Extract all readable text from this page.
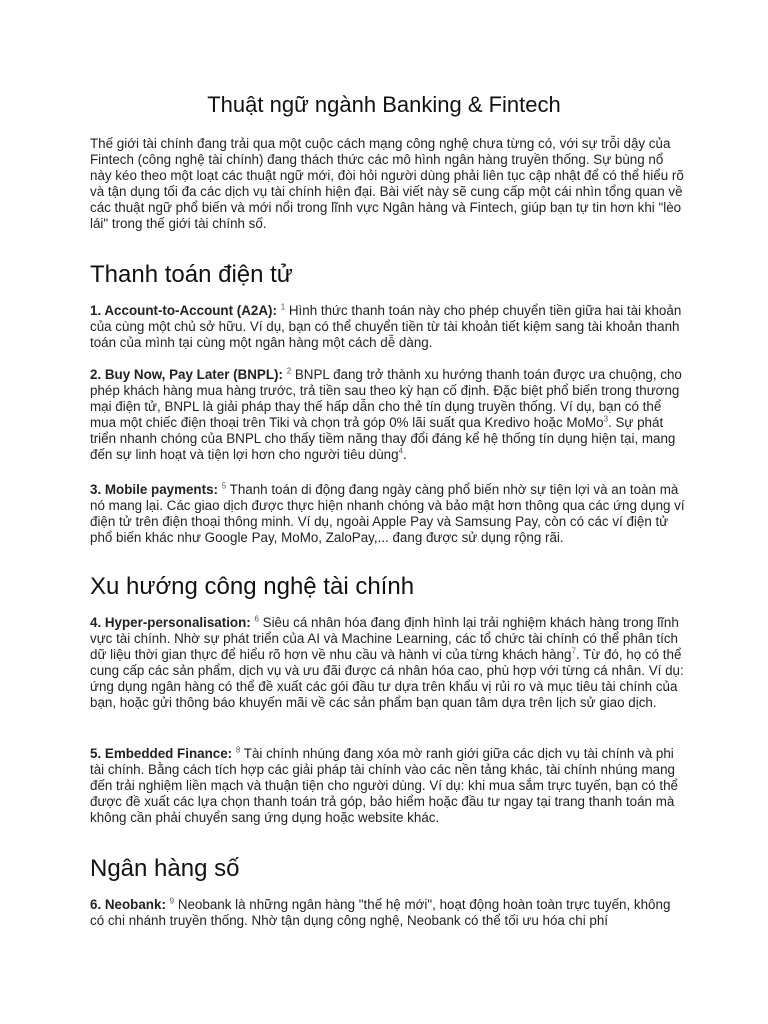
Thuật ngữ ngành Banking & Fintech

Thế giới tài chính đang trải qua một cuộc cách mạng công nghệ chưa từng có, với sự trỗi dậy của Fintech (công nghệ tài chính) đang thách thức các mô hình ngân hàng truyền thống. Sự bùng nổ này kéo theo một loạt các thuật ngữ mới, đòi hỏi người dùng phải liên tục cập nhật để có thể hiểu rõ và tận dụng tối đa các dịch vụ tài chính hiện đại. Bài viết này sẽ cung cấp một cái nhìn tổng quan về các thuật ngữ phổ biến và mới nổi trong lĩnh vực Ngân hàng và Fintech, giúp bạn tự tin hơn khi "lèo lái" trong thế giới tài chính số.

Thanh toán điện tử

1. Account-to-Account (A2A): $^1$ Hình thức thanh toán này cho phép chuyển tiền giữa hai tài khoản của cùng một chủ sở hữu. Ví dụ, bạn có thể chuyển tiền từ tài khoản tiết kiệm sang tài khoản thanh toán của mình tại cùng một ngân hàng một cách dễ dàng.

2. Buy Now, Pay Later (BNPL): $^2$ BNPL đang trở thành xu hướng thanh toán được ưa chuộng, cho phép khách hàng mua hàng trước, trả tiền sau theo kỳ hạn cố định. Đặc biệt phổ biến trong thương mại điện tử, BNPL là giải pháp thay thế hấp dẫn cho thẻ tín dụng truyền thống. Ví dụ, bạn có thể mua một chiếc điện thoại trên Tiki và chọn trả góp 0% lãi suất qua Kredivo hoặc MoMo$^3$. Sự phát triển nhanh chóng của BNPL cho thấy tiềm năng thay đổi đáng kể hệ thống tín dụng hiện tại, mang đến sự linh hoạt và tiện lợi hơn cho người tiêu dùng$^4$.

3. Mobile payments: $^5$ Thanh toán di động đang ngày càng phổ biến nhờ sự tiện lợi và an toàn mà nó mang lại. Các giao dịch được thực hiện nhanh chóng và bảo mật hơn thông qua các ứng dụng ví điện tử trên điện thoại thông minh. Ví dụ, ngoài Apple Pay và Samsung Pay, còn có các ví điện tử phổ biến khác như Google Pay, MoMo, ZaloPay,... đang được sử dụng rộng rãi.

Xu hướng công nghệ tài chính

4. Hyper-personalisation: $^6$ Siêu cá nhân hóa đang định hình lại trải nghiệm khách hàng trong lĩnh vực tài chính. Nhờ sự phát triển của AI và Machine Learning, các tổ chức tài chính có thể phân tích dữ liệu thời gian thực để hiểu rõ hơn về nhu cầu và hành vi của từng khách hàng$^7$. Từ đó, họ có thể cung cấp các sản phẩm, dịch vụ và ưu đãi được cá nhân hóa cao, phù hợp với từng cá nhân. Ví dụ: ứng dụng ngân hàng có thể đề xuất các gói đầu tư dựa trên khẩu vị rủi ro và mục tiêu tài chính của bạn, hoặc gửi thông báo khuyến mãi về các sản phẩm bạn quan tâm dựa trên lịch sử giao dịch.

5. Embedded Finance: $^8$ Tài chính nhúng đang xóa mờ ranh giới giữa các dịch vụ tài chính và phi tài chính. Bằng cách tích hợp các giải pháp tài chính vào các nền tảng khác, tài chính nhúng mang đến trải nghiệm liền mạch và thuận tiện cho người dùng. Ví dụ: khi mua sắm trực tuyến, bạn có thể được đề xuất các lựa chọn thanh toán trả góp, bảo hiểm hoặc đầu tư ngay tại trang thanh toán mà không cần phải chuyển sang ứng dụng hoặc website khác.

Ngân hàng số

6. Neobank: $^9$ Neobank là những ngân hàng "thế hệ mới", hoạt động hoàn toàn trực tuyến, không có chi nhánh truyền thống. Nhờ tận dụng công nghệ, Neobank có thể tối ưu hóa chi phí
